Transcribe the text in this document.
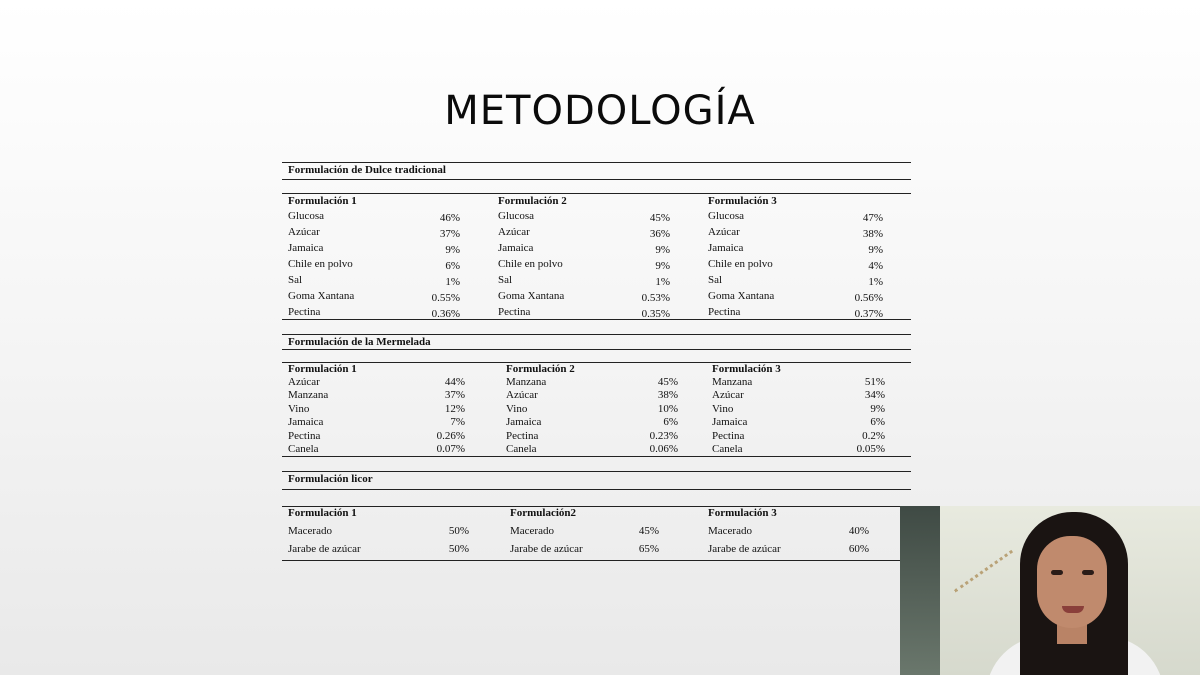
METODOLOGÍA
Formulación de Dulce tradicional
Formulación 1
Glucosa	46%
Azúcar	37%
Jamaica	9%
Chile en polvo	6%
Sal	1%
Goma Xantana	0.55%
Pectina	0.36%
Formulación 2
Glucosa	45%
Azúcar	36%
Jamaica	9%
Chile en polvo	9%
Sal	1%
Goma Xantana	0.53%
Pectina	0.35%
Formulación 3
Glucosa	47%
Azúcar	38%
Jamaica	9%
Chile en polvo	4%
Sal	1%
Goma Xantana	0.56%
Pectina	0.37%
Formulación de la Mermelada
Formulación 1
Azúcar	44%
Manzana	37%
Vino	12%
Jamaica	7%
Pectina	0.26%
Canela	0.07%
Formulación 2
Manzana	45%
Azúcar	38%
Vino	10%
Jamaica	6%
Pectina	0.23%
Canela	0.06%
Formulación 3
Manzana	51%
Azúcar	34%
Vino	9%
Jamaica	6%
Pectina	0.2%
Canela	0.05%
Formulación licor
Formulación 1
Macerado	50%
Jarabe de azúcar	50%
Formulación2
Macerado	45%
Jarabe de azúcar	65%
Formulación 3
Macerado	40%
Jarabe de azúcar	60%
